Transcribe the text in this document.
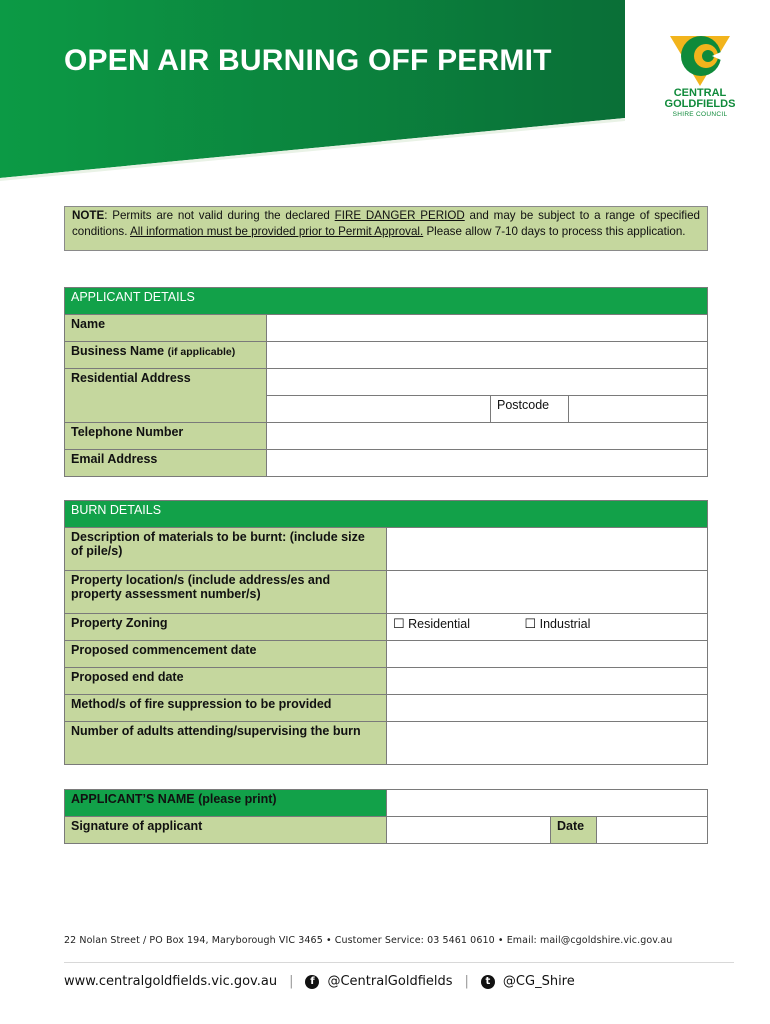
OPEN AIR BURNING OFF PERMIT
CENTRAL
GOLDFIELDS
SHIRE COUNCIL
NOTE: Permits are not valid during the declared FIRE DANGER PERIOD and may be subject to a range of specified conditions. All information must be provided prior to Permit Approval. Please allow 7-10 days to process this application.
APPLICANT DETAILS			
Name			
Business Name (if applicable)			
Residential Address			
		Postcode	
Telephone Number			
Email Address			
BURN DETAILS	
Description of materials to be burnt: (include size of pile/s)	
Property location/s (include address/es and property assessment number/s)	
Property Zoning	☐ Residential ☐ Industrial
Proposed commencement date	
Proposed end date	
Method/s of fire suppression to be provided	
Number of adults attending/supervising the burn	
APPLICANT’S NAME (please print)			
Signature of applicant		Date	
22 Nolan Street / PO Box 194, Maryborough VIC 3465 • Customer Service: 03 5461 0610 • Email: mail@cgoldshire.vic.gov.au
www.centralgoldfields.vic.gov.au |	f @CentralGoldfields |	t @CG_Shire
